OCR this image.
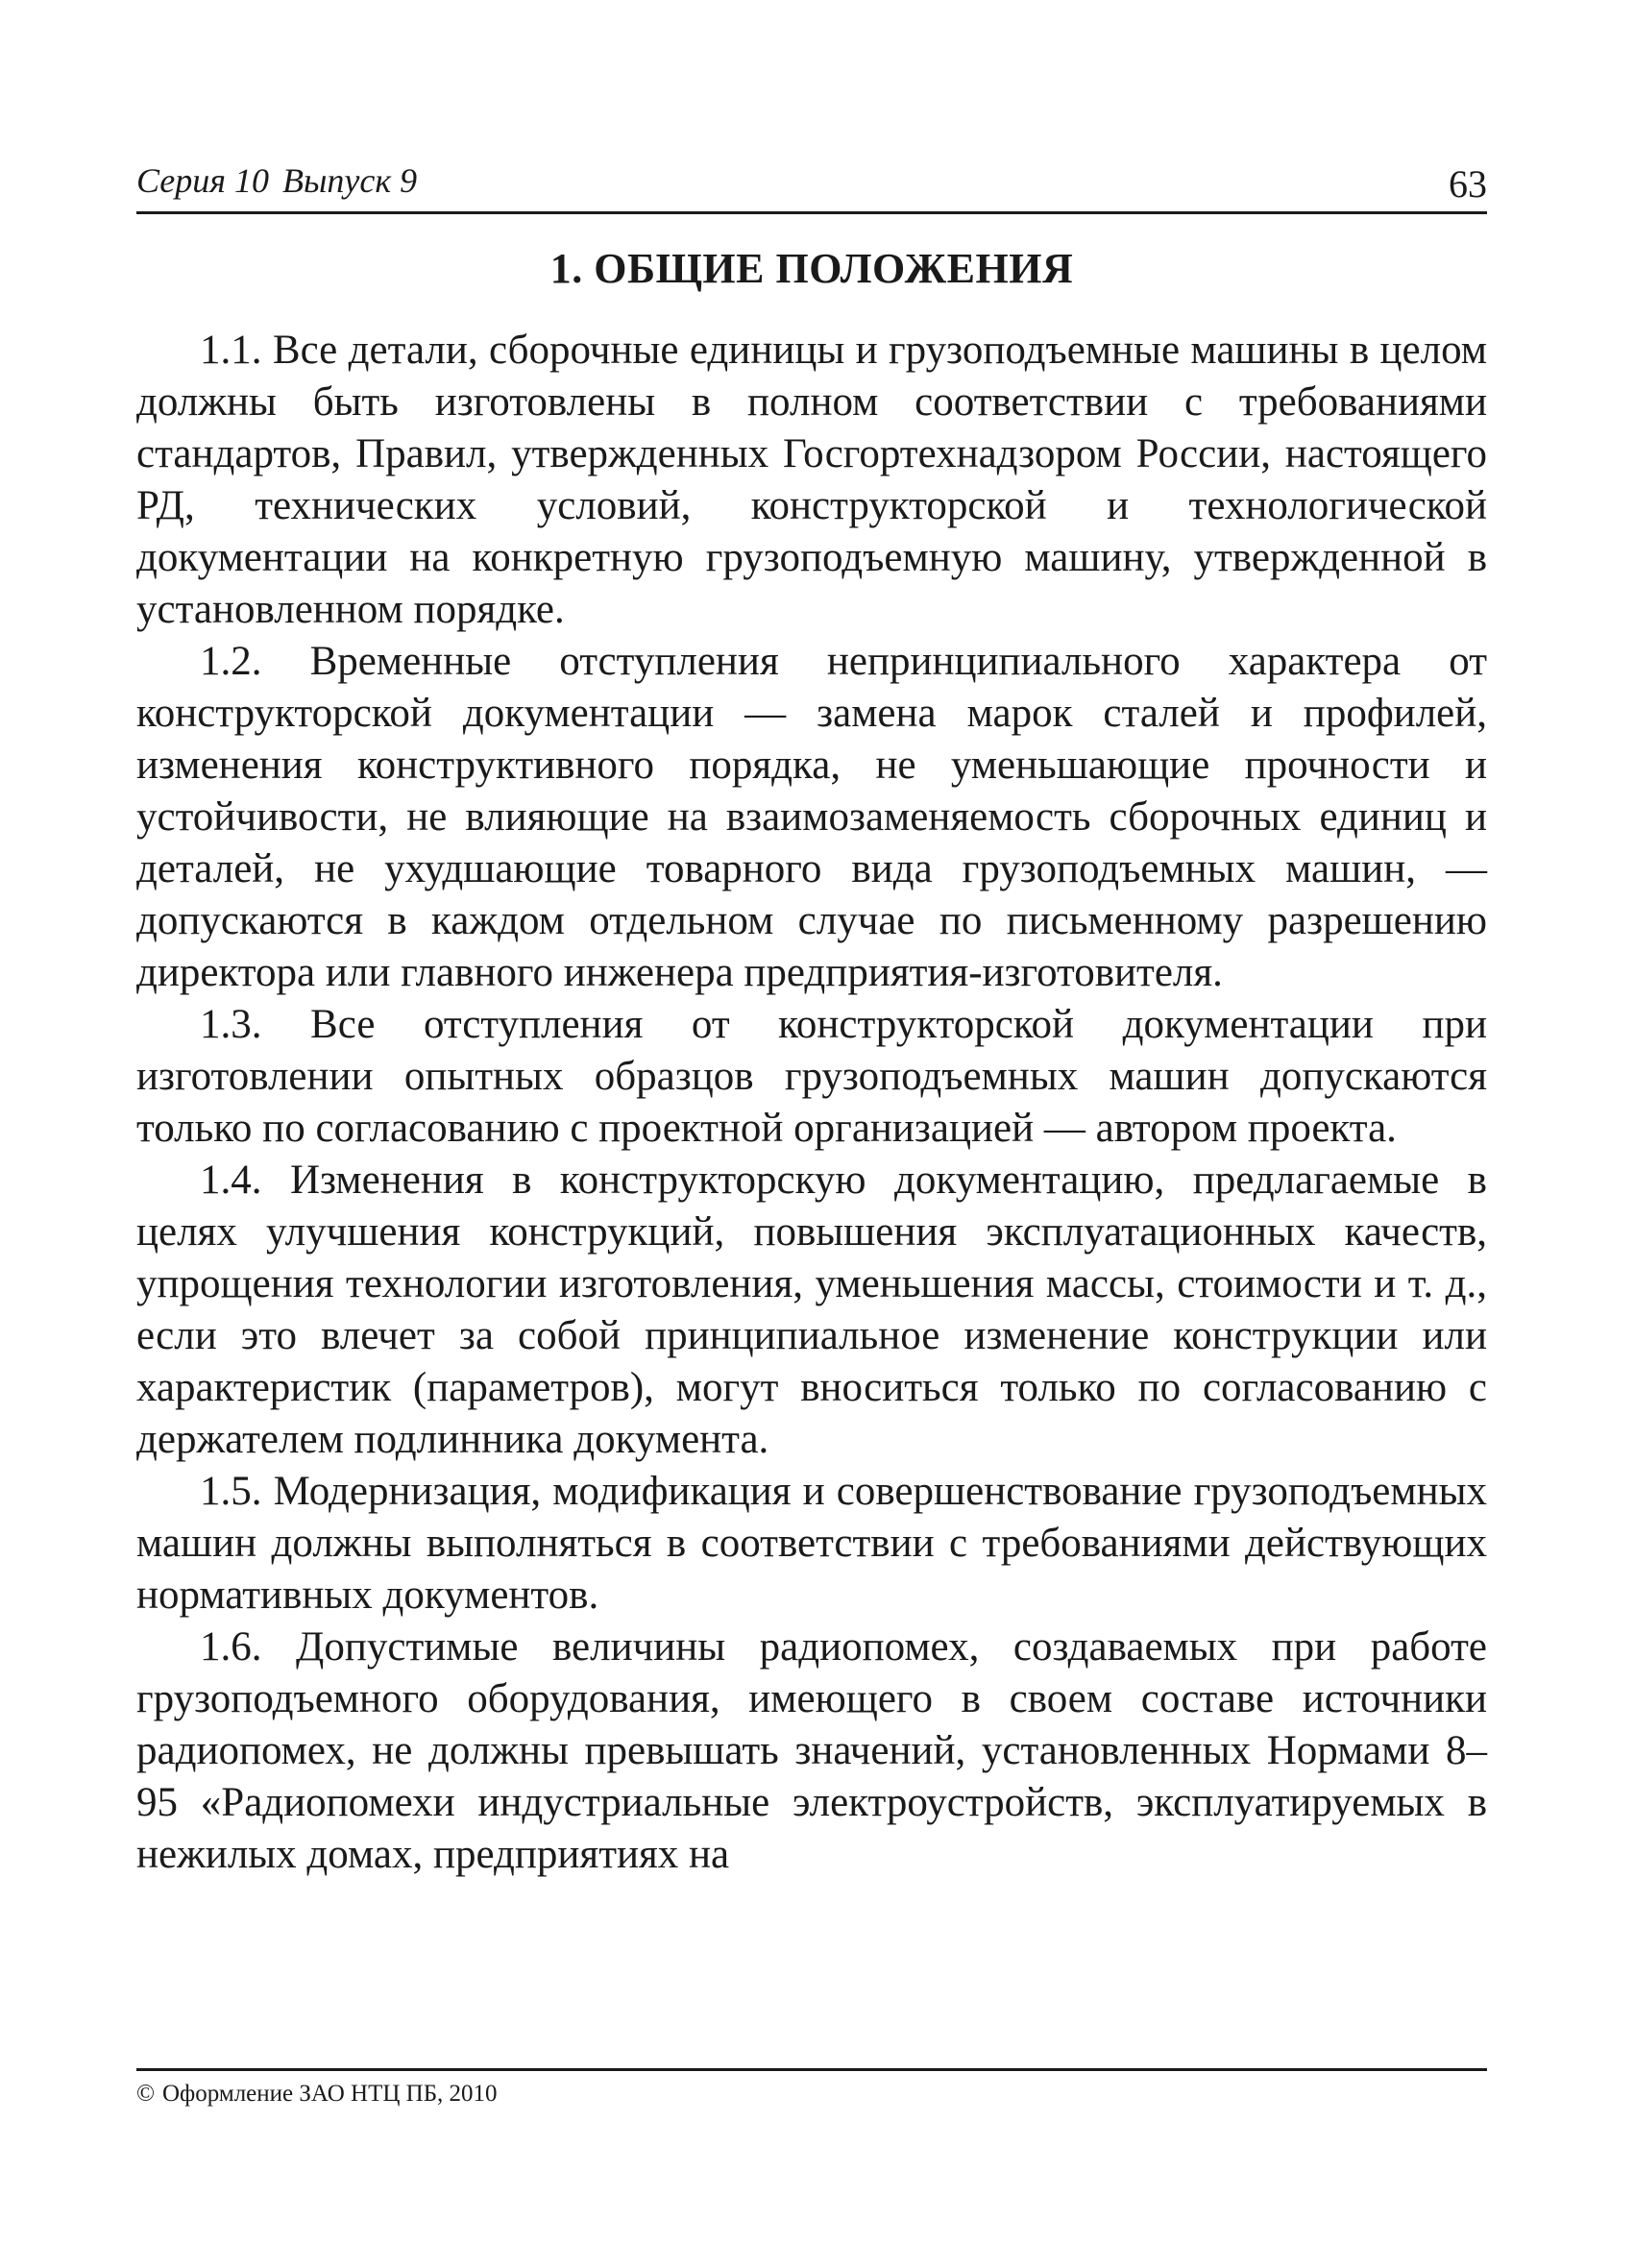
Серия 10 Выпуск 9	63
1. ОБЩИЕ ПОЛОЖЕНИЯ

1.1. Все детали, сборочные единицы и грузоподъемные машины в целом должны быть изготовлены в полном соответствии с требованиями стандартов, Правил, утвержденных Госгортехнадзором России, настоящего РД, технических условий, конструкторской и технологической документации на конкретную грузоподъемную машину, утвержденной в установленном порядке.

1.2. Временные отступления непринципиального характера от конструкторской документации — замена марок сталей и профилей, изменения конструктивного порядка, не уменьшающие прочности и устойчивости, не влияющие на взаимозаменяемость сборочных единиц и деталей, не ухудшающие товарного вида грузоподъемных машин, — допускаются в каждом отдельном случае по письменному разрешению директора или главного инженера предприятия-изготовителя.

1.3. Все отступления от конструкторской документации при изготовлении опытных образцов грузоподъемных машин допускаются только по согласованию с проектной организацией — автором проекта.

1.4. Изменения в конструкторскую документацию, предлагаемые в целях улучшения конструкций, повышения эксплуатационных качеств, упрощения технологии изготовления, уменьшения массы, стоимости и т. д., если это влечет за собой принципиальное изменение конструкции или характеристик (параметров), могут вноситься только по согласованию с держателем подлинника документа.

1.5. Модернизация, модификация и совершенствование грузоподъемных машин должны выполняться в соответствии с требованиями действующих нормативных документов.

1.6. Допустимые величины радиопомех, создаваемых при работе грузоподъемного оборудования, имеющего в своем составе источники радиопомех, не должны превышать значений, установленных Нормами 8–95 «Радиопомехи индустриальные электроустройств, эксплуатируемых в нежилых домах, предприятиях на

© Оформление ЗАО НТЦ ПБ, 2010
